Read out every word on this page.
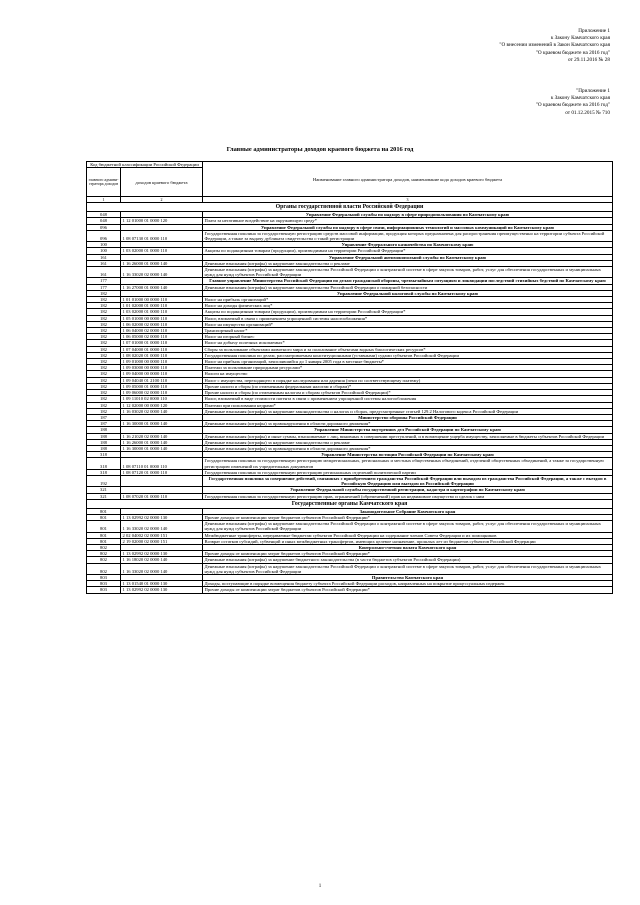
Приложение 1
к Закону Камчатского края
"О внесении изменений в Закон Камчатского края
"О краевом бюджете на 2016 год"
от 29.11.2016 № 28
"Приложение 1
к Закону Камчатского края
"О краевом бюджете на 2016 год"
от 01.12.2015 № 710
Главные администраторы доходов краевого бюджета на 2016 год
Код бюджетной классификации Российской Федерации		Наименование главного администратора доходов, наименование кода доходов краевого бюджета
главного админи-стратора доходов	доходов краевого бюджета	
1	2	3
Органы государственной власти Российской Федерации		
048		Управление Федеральной службы по надзору в сфере природопользования по Камчатскому краю
048	1 12 01000 01 0000 120	Плата за негативное воздействие на окружающую среду*
096		Управление Федеральной службы по надзору в сфере связи, информационных технологий и массовых коммуникаций по Камчатскому краю
096	1 08 07130 01 0000 110	Государственная пошлина за государственную регистрацию средств массовой информации, продукция которых предназначена для распространения преимущественно на территории субъекта Российской Федерации, а также за выдачу дубликата свидетельства о такой регистрации
100		Управление Федерального казначейства по Камчатскому краю
100	1 03 02000 01 0000 110	Акцизы по подакцизным товарам (продукции), производимым на территории Российской Федерации*
161		Управление Федеральной антимонопольной службы по Камчатскому краю
161	1 16 26000 01 0000 140	Денежные взыскания (штрафы) за нарушение законодательства о рекламе
161	1 16 33020 02 0000 140	Денежные взыскания (штрафы) за нарушение законодательства Российской Федерации о контрактной системе в сфере закупок товаров, работ, услуг для обеспечения государственных и муниципальных нужд для нужд субъектов Российской Федерации
177		Главное управление Министерства Российской Федерации по делам гражданской обороны, чрезвычайным ситуациям и ликвидации последствий стихийных бедствий по Камчатскому краю
177	1 16 27000 01 0000 140	Денежные взыскания (штрафы) за нарушение законодательства Российской Федерации о пожарной безопасности
182		Управление Федеральной налоговой службы по Камчатскому краю
182	1 01 01000 00 0000 110	Налог на прибыль организаций*
182	1 01 02000 01 0000 110	Налог на доходы физических лиц*
182	1 03 02000 01 0000 110	Акцизы по подакцизным товарам (продукции), производимым на территории Российской Федерации*
182	1 05 01000 00 0000 110	Налог, взимаемый в связи с применением упрощенной системы налогообложения*
182	1 06 02000 02 0000 110	Налог на имущество организаций*
182	1 06 04000 02 0000 110	Транспортный налог*
182	1 06 05000 02 0000 110	Налог на игорный бизнес
182	1 07 01000 01 0000 110	Налог на добычу полезных ископаемых*
182	1 07 04000 01 0000 110	Сборы за пользование объектами животного мира и за пользование объектами водных биологических ресурсов*
182	1 08 02020 01 0000 110	Государственная пошлина по делам, рассматриваемым конституционными (уставными) судами субъектов Российской Федерации
182	1 09 01000 00 0000 110	Налог на прибыль организаций, зачислявшийся до 1 января 2005 года в местные бюджеты*
182	1 09 03000 00 0000 110	Платежи за пользование природными ресурсами*
182	1 09 04000 00 0000 110	Налоги на имущество
182	1 09 04040 01 2100 110	Налог с имущества, переходящего в порядке наследования или дарения (пени по соответствующему платежу)
182	1 09 05000 01 0000 110	Прочие налоги и сборы (по отмененным федеральным налогам и сборам)*
182	1 09 06000 02 0000 110	Прочие налоги и сборы (по отмененным налогам и сборам субъектов Российской Федерации)*
182	1 09 11010 02 0000 110	Налог, взимаемый в виде стоимости патента в связи с применением упрощенной системы налогообложения
182	1 12 02000 00 0000 120	Платежи при пользовании недрами*
182	1 16 03020 02 0000 140	Денежные взыскания (штрафы) за нарушение законодательства о налогах и сборах, предусмотренные статьей 129.2 Налогового кодекса Российской Федерации
187		Министерство обороны Российской Федерации
187	1 16 30000 01 0000 140	Денежные взыскания (штрафы) за правонарушения в области дорожного движения*
188		Управление Министерства внутренних дел Российской Федерации по Камчатскому краю
188	1 16 21020 02 0000 140	Денежные взыскания (штрафы) и иные суммы, взыскиваемые с лиц, виновных в совершении преступлений, и в возмещение ущерба имуществу, зачисляемые в бюджеты субъектов Российской Федерации
188	1 16 26000 01 0000 140	Денежные взыскания (штрафы) за нарушение законодательства о рекламе
188	1 16 30000 01 0000 140	Денежные взыскания (штрафы) за правонарушения в области дорожного движения*
318		Управление Министерства юстиции Российской Федерации по Камчатскому краю
318	1 08 07110 01 0000 110	Государственная пошлина за государственную регистрацию межрегиональных, региональных и местных общественных объединений, отделений общественных объединений, а также за государственную регистрацию изменений их учредительных документов
318	1 08 07120 01 0000 110	Государственная пошлина за государственную регистрацию региональных отделений политической партии
192		Государственная пошлина за совершение действий, связанных с приобретением гражданства Российской Федерации или выходом из гражданства Российской Федерации, а также с въездом в Российскую Федерацию или выездом из Российской Федерации
321		Управление Федеральной службы государственной регистрации, кадастра и картографии по Камчатскому краю
321	1 08 07020 01 0000 110	Государственная пошлина за государственную регистрацию прав, ограничений (обременений) прав на недвижимое имущество и сделок с ним
Государственные органы Камчатского края		
801		Законодательное Собрание Камчатского края
801	1 13 02992 02 0000 130	Прочие доходы от компенсации затрат бюджетов субъектов Российской Федерации*
801	1 16 33020 02 0000 140	Денежные взыскания (штрафы) за нарушение законодательства Российской Федерации о контрактной системе в сфере закупок товаров, работ, услуг для обеспечения государственных и муниципальных нужд для нужд субъектов Российской Федерации
801	2 02 04002 02 0000 151	Межбюджетные трансферты, передаваемые бюджетам субъектов Российской Федерации на содержание членов Совета Федерации и их помощников
801	2 19 02000 02 0000 151	Возврат остатков субсидий, субвенций и иных межбюджетных трансфертов, имеющих целевое назначение, прошлых лет из бюджетов субъектов Российской Федерации
802		Контрольно-счетная палата Камчатского края
802	1 13 02992 02 0000 130	Прочие доходы от компенсации затрат бюджетов субъектов Российской Федерации*
802	1 16 18020 02 0000 140	Денежные взыскания (штрафы) за нарушение бюджетного законодательства (в части бюджетов субъектов Российской Федерации)
802	1 16 33020 02 0000 140	Денежные взыскания (штрафы) за нарушение законодательства Российской Федерации о контрактной системе в сфере закупок товаров, работ, услуг для обеспечения государственных и муниципальных нужд для нужд субъектов Российской Федерации
803		Правительство Камчатского края
803	1 13 01540 01 0000 130	Доходы, поступающие в порядке возмещения бюджету субъекта Российской Федерации расходов, направленных на покрытие процессуальных издержек
803	1 13 02992 02 0000 130	Прочие доходы от компенсации затрат бюджетов субъектов Российской Федерации*
1
